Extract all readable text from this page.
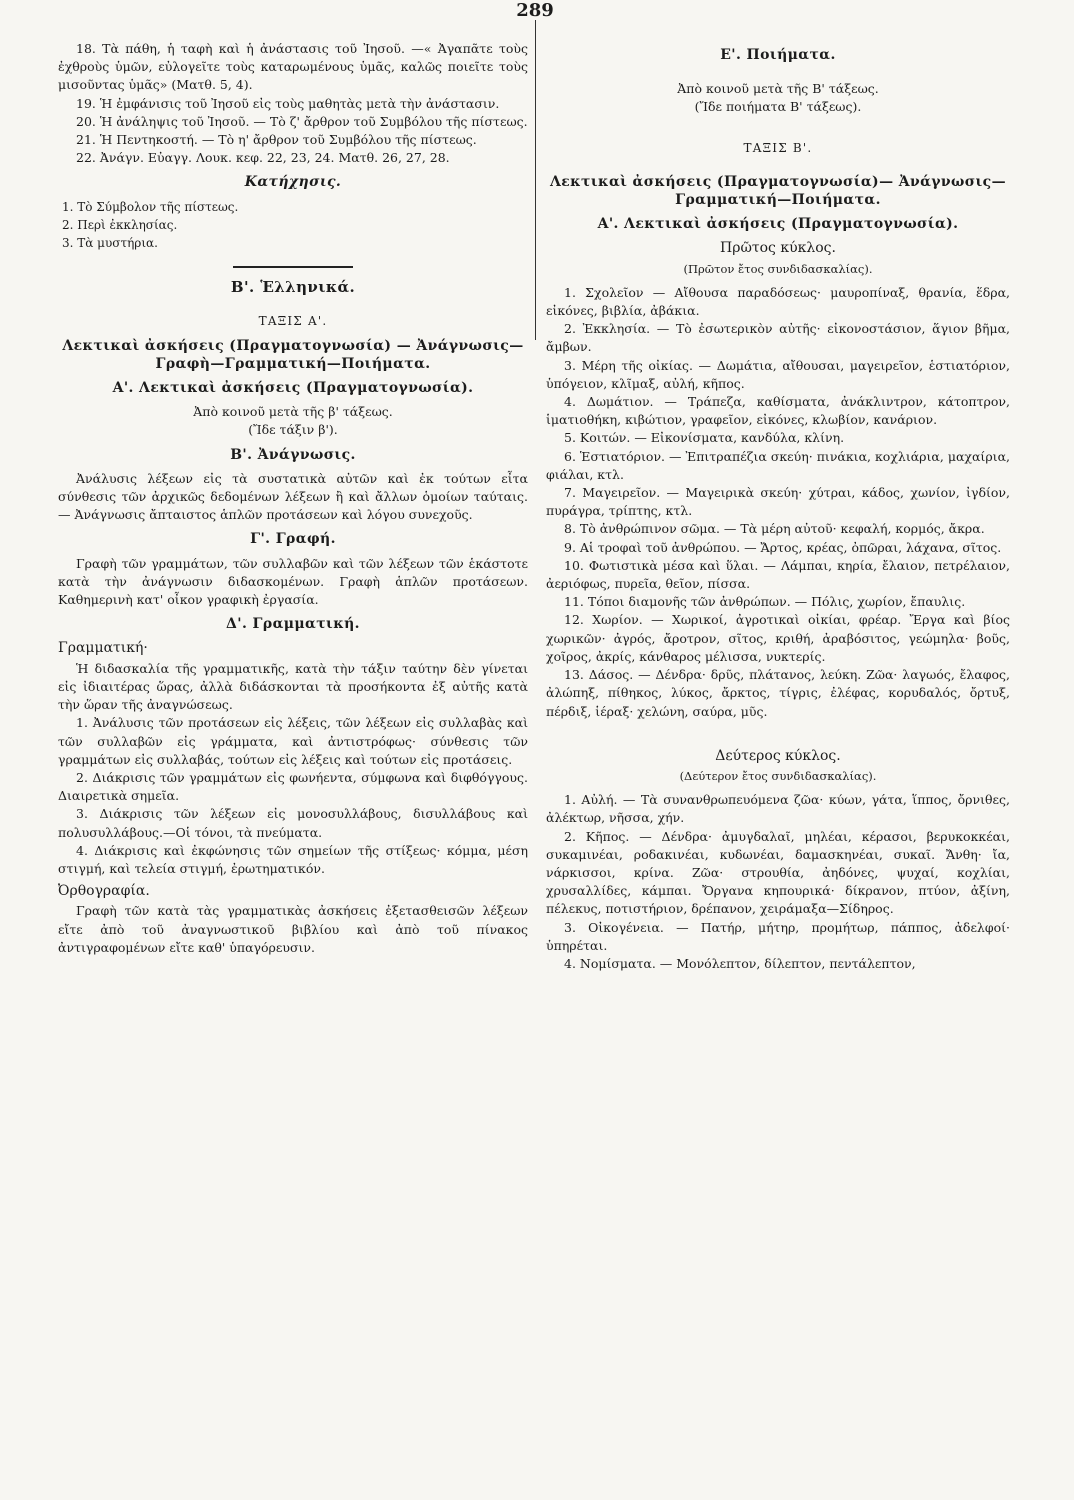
289

18. Τὰ πάθη, ἡ ταφὴ καὶ ἡ ἀνάστασις τοῦ Ἰησοῦ. —« Ἀγαπᾶτε τοὺς ἐχθροὺς ὑμῶν, εὐλογεῖτε τοὺς καταρωμένους ὑμᾶς, καλῶς ποιεῖτε τοὺς μισοῦντας ὑμᾶς» (Ματθ. 5, 4).

19. Ἡ ἐμφάνισις τοῦ Ἰησοῦ εἰς τοὺς μαθητὰς μετὰ τὴν ἀνάστασιν.

20. Ἡ ἀνάληψις τοῦ Ἰησοῦ. — Τὸ ζ' ἄρθρον τοῦ Συμβόλου τῆς πίστεως.

21. Ἡ Πεντηκοστή. — Τὸ η' ἄρθρον τοῦ Συμβόλου τῆς πίστεως.

22. Ἀνάγν. Εὐαγγ. Λουκ. κεφ. 22, 23, 24. Ματθ. 26, 27, 28.

Κατήχησις.
1. Τὸ Σύμβολον τῆς πίστεως.
2. Περὶ ἐκκλησίας.
3. Τὰ μυστήρια.
Β'. Ἑλληνικά.
ΤΑΞΙΣ Α'.
Λεκτικαὶ ἀσκήσεις (Πραγματογνωσία) — Ἀνάγνωσις—Γραφὴ—Γραμματική—Ποιήματα.
Α'. Λεκτικαὶ ἀσκήσεις (Πραγματογνωσία).
Ἀπὸ κοινοῦ μετὰ τῆς β' τάξεως.
(Ἴδε τάξιν β').
Β'. Ἀνάγνωσις.

Ἀνάλυσις λέξεων εἰς τὰ συστατικὰ αὐτῶν καὶ ἐκ τούτων εἶτα σύνθεσις τῶν ἀρχικῶς δεδομένων λέξεων ἢ καὶ ἄλλων ὁμοίων ταύταις. — Ἀνάγνωσις ἄπταιστος ἁπλῶν προτάσεων καὶ λόγου συνεχοῦς.

Γ'. Γραφή.

Γραφὴ τῶν γραμμάτων, τῶν συλλαβῶν καὶ τῶν λέξεων τῶν ἑκάστοτε κατὰ τὴν ἀνάγνωσιν διδασκομένων. Γραφὴ ἁπλῶν προτάσεων. Καθημερινὴ κατ' οἶκον γραφικὴ ἐργασία.

Δ'. Γραμματική.
Γραμματική·

Ἡ διδασκαλία τῆς γραμματικῆς, κατὰ τὴν τάξιν ταύτην δὲν γίνεται εἰς ἰδιαιτέρας ὥρας, ἀλλὰ διδάσκονται τὰ προσήκοντα ἐξ αὐτῆς κατὰ τὴν ὥραν τῆς ἀναγνώσεως.

1. Ἀνάλυσις τῶν προτάσεων εἰς λέξεις, τῶν λέξεων εἰς συλλαβὰς καὶ τῶν συλλαβῶν εἰς γράμματα, καὶ ἀντιστρόφως· σύνθεσις τῶν γραμμάτων εἰς συλλαβάς, τούτων εἰς λέξεις καὶ τούτων εἰς προτάσεις.

2. Διάκρισις τῶν γραμμάτων εἰς φωνήεντα, σύμφωνα καὶ διφθόγγους. Διαιρετικὰ σημεῖα.

3. Διάκρισις τῶν λέξεων εἰς μονοσυλλάβους, δισυλλάβους καὶ πολυσυλλάβους.—Οἱ τόνοι, τὰ πνεύματα.

4. Διάκρισις καὶ ἐκφώνησις τῶν σημείων τῆς στίξεως· κόμμα, μέση στιγμή, καὶ τελεία στιγμή, ἐρωτηματικόν.

Ὀρθογραφία.

Γραφὴ τῶν κατὰ τὰς γραμματικὰς ἀσκήσεις ἐξετασθεισῶν λέξεων εἴτε ἀπὸ τοῦ ἀναγνωστικοῦ βιβλίου καὶ ἀπὸ τοῦ πίνακος ἀντιγραφομένων εἴτε καθ' ὑπαγόρευσιν.

Ε'. Ποιήματα.
Ἀπὸ κοινοῦ μετὰ τῆς Β' τάξεως.
(Ἴδε ποιήματα Β' τάξεως).
ΤΑΞΙΣ Β'.
Λεκτικαὶ ἀσκήσεις (Πραγματογνωσία)— Ἀνάγνωσις—Γραμματική—Ποιήματα.
Α'. Λεκτικαὶ ἀσκήσεις (Πραγματογνωσία).
Πρῶτος κύκλος.
(Πρῶτον ἔτος συνδιδασκαλίας).

1. Σχολεῖον — Αἴθουσα παραδόσεως· μαυροπίναξ, θρανία, ἕδρα, εἰκόνες, βιβλία, ἀβάκια.

2. Ἐκκλησία. — Τὸ ἐσωτερικὸν αὐτῆς· εἰκονοστάσιον, ἅγιον βῆμα, ἄμβων.

3. Μέρη τῆς οἰκίας. — Δωμάτια, αἴθουσαι, μαγειρεῖον, ἑστιατόριον, ὑπόγειον, κλῖμαξ, αὐλή, κῆπος.

4. Δωμάτιον. — Τράπεζα, καθίσματα, ἀνάκλιντρον, κάτοπτρον, ἱματιοθήκη, κιβώτιον, γραφεῖον, εἰκόνες, κλωβίον, κανάριον.

5. Κοιτών. — Εἰκονίσματα, κανδύλα, κλίνη.

6. Ἑστιατόριον. — Ἐπιτραπέζια σκεύη· πινάκια, κοχλιάρια, μαχαίρια, φιάλαι, κτλ.

7. Μαγειρεῖον. — Μαγειρικὰ σκεύη· χύτραι, κάδος, χωνίον, ἰγδίον, πυράγρα, τρίπτης, κτλ.

8. Τὸ ἀνθρώπινον σῶμα. — Τὰ μέρη αὐτοῦ· κεφαλή, κορμός, ἄκρα.

9. Αἱ τροφαὶ τοῦ ἀνθρώπου. — Ἄρτος, κρέας, ὀπῶραι, λάχανα, σῖτος.

10. Φωτιστικὰ μέσα καὶ ὕλαι. — Λάμπαι, κηρία, ἔλαιον, πετρέλαιον, ἀεριόφως, πυρεῖα, θεῖον, πίσσα.

11. Τόποι διαμονῆς τῶν ἀνθρώπων. — Πόλις, χωρίον, ἔπαυλις.

12. Χωρίον. — Χωρικοί, ἀγροτικαὶ οἰκίαι, φρέαρ. Ἔργα καὶ βίος χωρικῶν· ἀγρός, ἄροτρον, σῖτος, κριθή, ἀραβόσιτος, γεώμηλα· βοῦς, χοῖρος, ἀκρίς, κάνθαρος μέλισσα, νυκτερίς.

13. Δάσος. — Δένδρα· δρῦς, πλάτανος, λεύκη. Ζῶα· λαγωός, ἔλαφος, ἀλώπηξ, πίθηκος, λύκος, ἄρκτος, τίγρις, ἐλέφας, κορυδαλός, ὄρτυξ, πέρδιξ, ἱέραξ· χελώνη, σαύρα, μῦς.

Δεύτερος κύκλος.
(Δεύτερον ἔτος συνδιδασκαλίας).

1. Αὐλή. — Τὰ συνανθρωπευόμενα ζῶα· κύων, γάτα, ἵππος, ὄρνιθες, ἀλέκτωρ, νῆσσα, χήν.

2. Κῆπος. — Δένδρα· ἀμυγδαλαῖ, μηλέαι, κέρασοι, βερυκοκκέαι, συκαμινέαι, ροδακινέαι, κυδωνέαι, δαμασκηνέαι, συκαῖ. Ἄνθη· ἴα, νάρκισσοι, κρίνα. Ζῶα· στρουθία, ἀηδόνες, ψυχαί, κοχλίαι, χρυσαλλίδες, κάμπαι. Ὄργανα κηπουρικά· δίκρανον, πτύον, ἀξίνη, πέλεκυς, ποτιστήριον, δρέπανον, χειράμαξα—Σίδηρος.

3. Οἰκογένεια. — Πατήρ, μήτηρ, προμήτωρ, πάππος, ἀδελφοί· ὑπηρέται.

4. Νομίσματα. — Μονόλεπτον, δίλεπτον, πεντάλεπτον,
